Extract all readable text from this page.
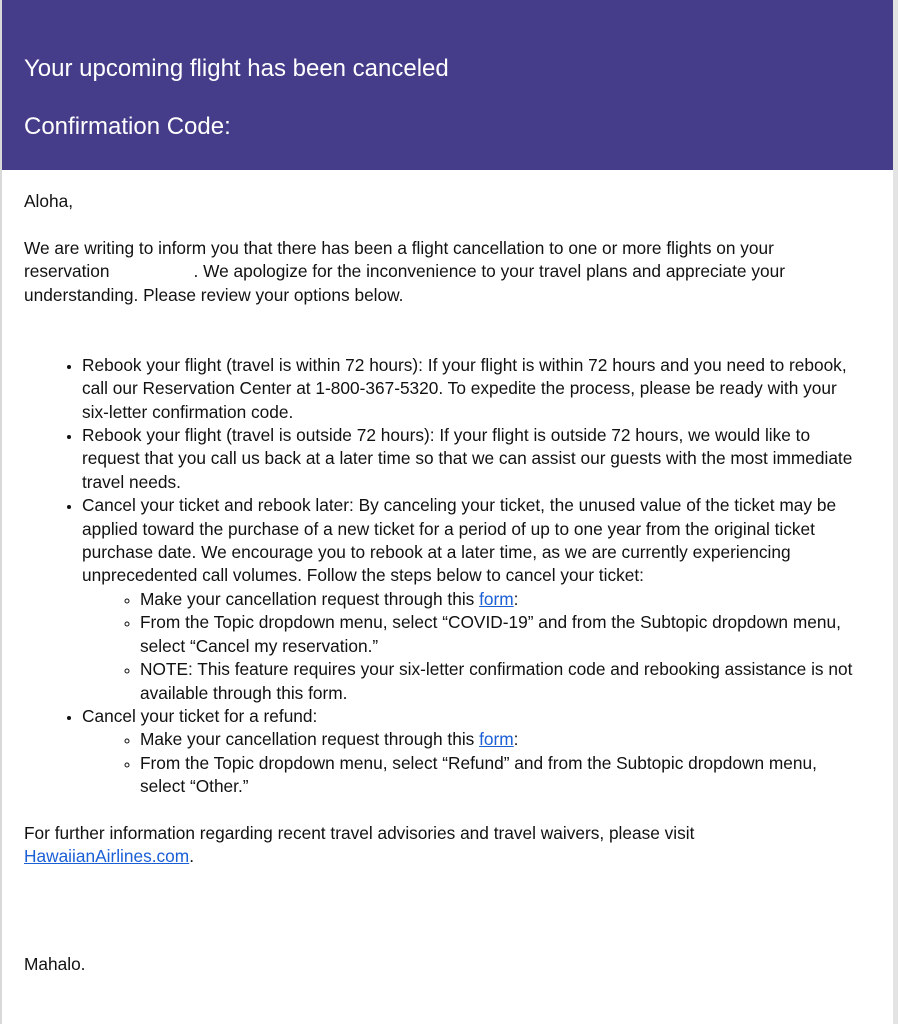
Your upcoming flight has been canceled
Confirmation Code:

Aloha,

We are writing to inform you that there has been a flight cancellation to one or more flights on your reservation	. We apologize for the inconvenience to your travel plans and appreciate your understanding. Please review your options below.

• Rebook your flight (travel is within 72 hours): If your flight is within 72 hours and you need to rebook, call our Reservation Center at 1-800-367-5320. To expedite the process, please be ready with your six-letter confirmation code.
• Rebook your flight (travel is outside 72 hours): If your flight is outside 72 hours, we would like to request that you call us back at a later time so that we can assist our guests with the most immediate travel needs.
• Cancel your ticket and rebook later: By canceling your ticket, the unused value of the ticket may be applied toward the purchase of a new ticket for a period of up to one year from the original ticket purchase date. We encourage you to rebook at a later time, as we are currently experiencing unprecedented call volumes. Follow the steps below to cancel your ticket:
◦ Make your cancellation request through this form:
◦ From the Topic dropdown menu, select “COVID-19” and from the Subtopic dropdown menu, select “Cancel my reservation.”
◦ NOTE: This feature requires your six-letter confirmation code and rebooking assistance is not available through this form.
• Cancel your ticket for a refund:
◦ Make your cancellation request through this form:
◦ From the Topic dropdown menu, select “Refund” and from the Subtopic dropdown menu, select “Other.”

For further information regarding recent travel advisories and travel waivers, please visit HawaiianAirlines.com.

Mahalo.
